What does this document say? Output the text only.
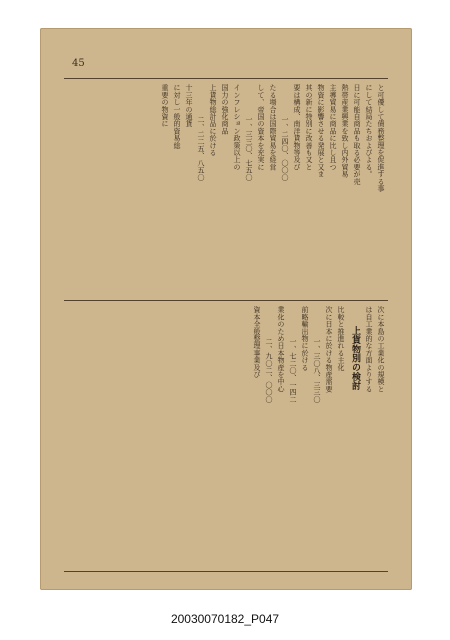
45
と可優して債務整理を促進する事
にして結局たちおよびよる。
日に可能自商品も取る必要が売
熱帯産業興業を致し内外貿易
主導貿易に商品に比し且つ
物資に影響させる発展と又ま
其の新に特別に改善も又と
要は構成、南洋貨物等及び
一、二四〇、〇〇〇
たる場合は国際貿易を経営
して、帝国の資本を充実に
一、三三〇、七五〇
インフレション政策以上の
国力の強化商品
上貨物総計品に於ける
二、二二五、八五〇
十三年の通貨
に対し一般的資易総
重要の物資に
次に本島の工業化の規模と
は自工業的な方面よりする
上貨物別の検討
比較と推進れる主化
次に日本に於ける物産需要
一、三〇八、三三〇
前略輸出物に於ける
一、七二〇、一四二
業化のため日本物産を中心
二、九〇二、〇〇〇
資本全般整理事業及び
20030070182_P047
